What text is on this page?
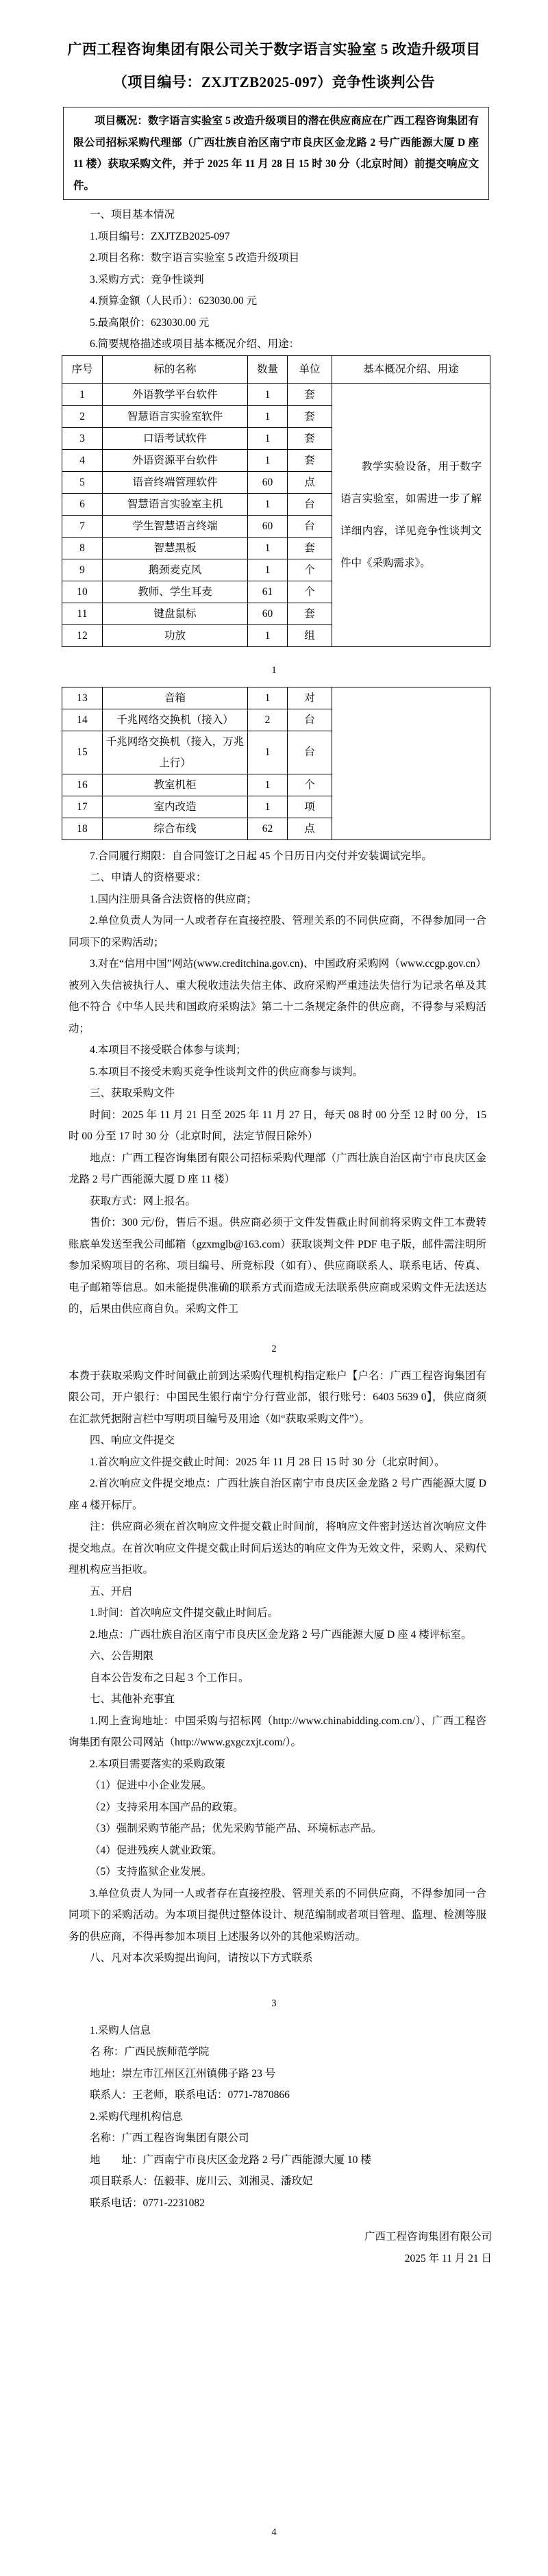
广西工程咨询集团有限公司关于数字语言实验室 5 改造升级项目
（项目编号：ZXJTZB2025-097）竞争性谈判公告

项目概况：数字语言实验室 5 改造升级项目的潜在供应商应在广西工程咨询集团有限公司招标采购代理部（广西壮族自治区南宁市良庆区金龙路 2 号广西能源大厦 D 座 11 楼）获取采购文件，并于 2025 年 11 月 28 日 15 时 30 分（北京时间）前提交响应文件。

一、项目基本情况

1.项目编号：ZXJTZB2025-097

2.项目名称：数字语言实验室 5 改造升级项目

3.采购方式：竞争性谈判

4.预算金额（人民币）：623030.00 元

5.最高限价：623030.00 元

6.简要规格描述或项目基本概况介绍、用途：

序号	标的名称	数量	单位	基本概况介绍、用途
1	外语教学平台软件	1	套	教学实验设备，用于数字语言实验室，如需进一步了解详细内容，详见竞争性谈判文件中《采购需求》。
2	智慧语言实验室软件	1	套	
3	口语考试软件	1	套	
4	外语资源平台软件	1	套	
5	语音终端管理软件	60	点	
6	智慧语言实验室主机	1	台	
7	学生智慧语言终端	60	台	
8	智慧黑板	1	套	
9	鹅颈麦克风	1	个	
10	教师、学生耳麦	61	个	
11	键盘鼠标	60	套	
12	功放	1	组	
1
13	音箱	1	对	
14	千兆网络交换机（接入）	2	台	
15	千兆网络交换机（接入，万兆上行）	1	台	
16	教室机柜	1	个	
17	室内改造	1	项	
18	综合布线	62	点	

7.合同履行期限：自合同签订之日起 45 个日历日内交付并安装调试完毕。

二、申请人的资格要求：

1.国内注册具备合法资格的供应商；

2.单位负责人为同一人或者存在直接控股、管理关系的不同供应商，不得参加同一合同项下的采购活动；

3.对在“信用中国”网站(www.creditchina.gov.cn)、中国政府采购网（www.ccgp.gov.cn）被列入失信被执行人、重大税收违法失信主体、政府采购严重违法失信行为记录名单及其他不符合《中华人民共和国政府采购法》第二十二条规定条件的供应商，不得参与采购活动；

4.本项目不接受联合体参与谈判；

5.本项目不接受未购买竞争性谈判文件的供应商参与谈判。

三、获取采购文件

时间：2025 年 11 月 21 日至 2025 年 11 月 27 日，每天 08 时 00 分至 12 时 00 分，15 时 00 分至 17 时 30 分（北京时间，法定节假日除外）

地点：广西工程咨询集团有限公司招标采购代理部（广西壮族自治区南宁市良庆区金龙路 2 号广西能源大厦 D 座 11 楼）

获取方式：网上报名。

售价：300 元/份，售后不退。供应商必须于文件发售截止时间前将采购文件工本费转账底单发送至我公司邮箱（gzxmglb@163.com）获取谈判文件 PDF 电子版，邮件需注明所参加采购项目的名称、项目编号、所竞标段（如有）、供应商联系人、联系电话、传真、电子邮箱等信息。如未能提供准确的联系方式而造成无法联系供应商或采购文件无法送达的，后果由供应商自负。采购文件工

2

本费于获取采购文件时间截止前到达采购代理机构指定账户【户名：广西工程咨询集团有限公司，开户银行：中国民生银行南宁分行营业部，银行账号：6403 5639 0】，供应商须在汇款凭据附言栏中写明项目编号及用途（如“获取采购文件”）。

四、响应文件提交

1.首次响应文件提交截止时间：2025 年 11 月 28 日 15 时 30 分（北京时间）。

2.首次响应文件提交地点：广西壮族自治区南宁市良庆区金龙路 2 号广西能源大厦 D 座 4 楼开标厅。

注：供应商必须在首次响应文件提交截止时间前，将响应文件密封送达首次响应文件提交地点。在首次响应文件提交截止时间后送达的响应文件为无效文件，采购人、采购代理机构应当拒收。

五、开启

1.时间：首次响应文件提交截止时间后。

2.地点：广西壮族自治区南宁市良庆区金龙路 2 号广西能源大厦 D 座 4 楼评标室。

六、公告期限

自本公告发布之日起 3 个工作日。

七、其他补充事宜

1.网上查询地址：中国采购与招标网（http://www.chinabidding.com.cn/）、广西工程咨询集团有限公司网站（http://www.gxgczxjt.com/）。

2.本项目需要落实的采购政策

（1）促进中小企业发展。

（2）支持采用本国产品的政策。

（3）强制采购节能产品；优先采购节能产品、环境标志产品。

（4）促进残疾人就业政策。

（5）支持监狱企业发展。

3.单位负责人为同一人或者存在直接控股、管理关系的不同供应商，不得参加同一合同项下的采购活动。为本项目提供过整体设计、规范编制或者项目管理、监理、检测等服务的供应商，不得再参加本项目上述服务以外的其他采购活动。

八、凡对本次采购提出询问，请按以下方式联系

3

1.采购人信息

名 称：广西民族师范学院

地址：崇左市江州区江州镇佛子路 23 号

联系人：王老师，联系电话：0771-7870866

2.采购代理机构信息

名称：广西工程咨询集团有限公司

地　　址：广西南宁市良庆区金龙路 2 号广西能源大厦 10 楼

项目联系人：伍毅菲、庞川云、刘湘灵、潘玫妃

联系电话：0771-2231082

广西工程咨询集团有限公司
2025 年 11 月 21 日
4
